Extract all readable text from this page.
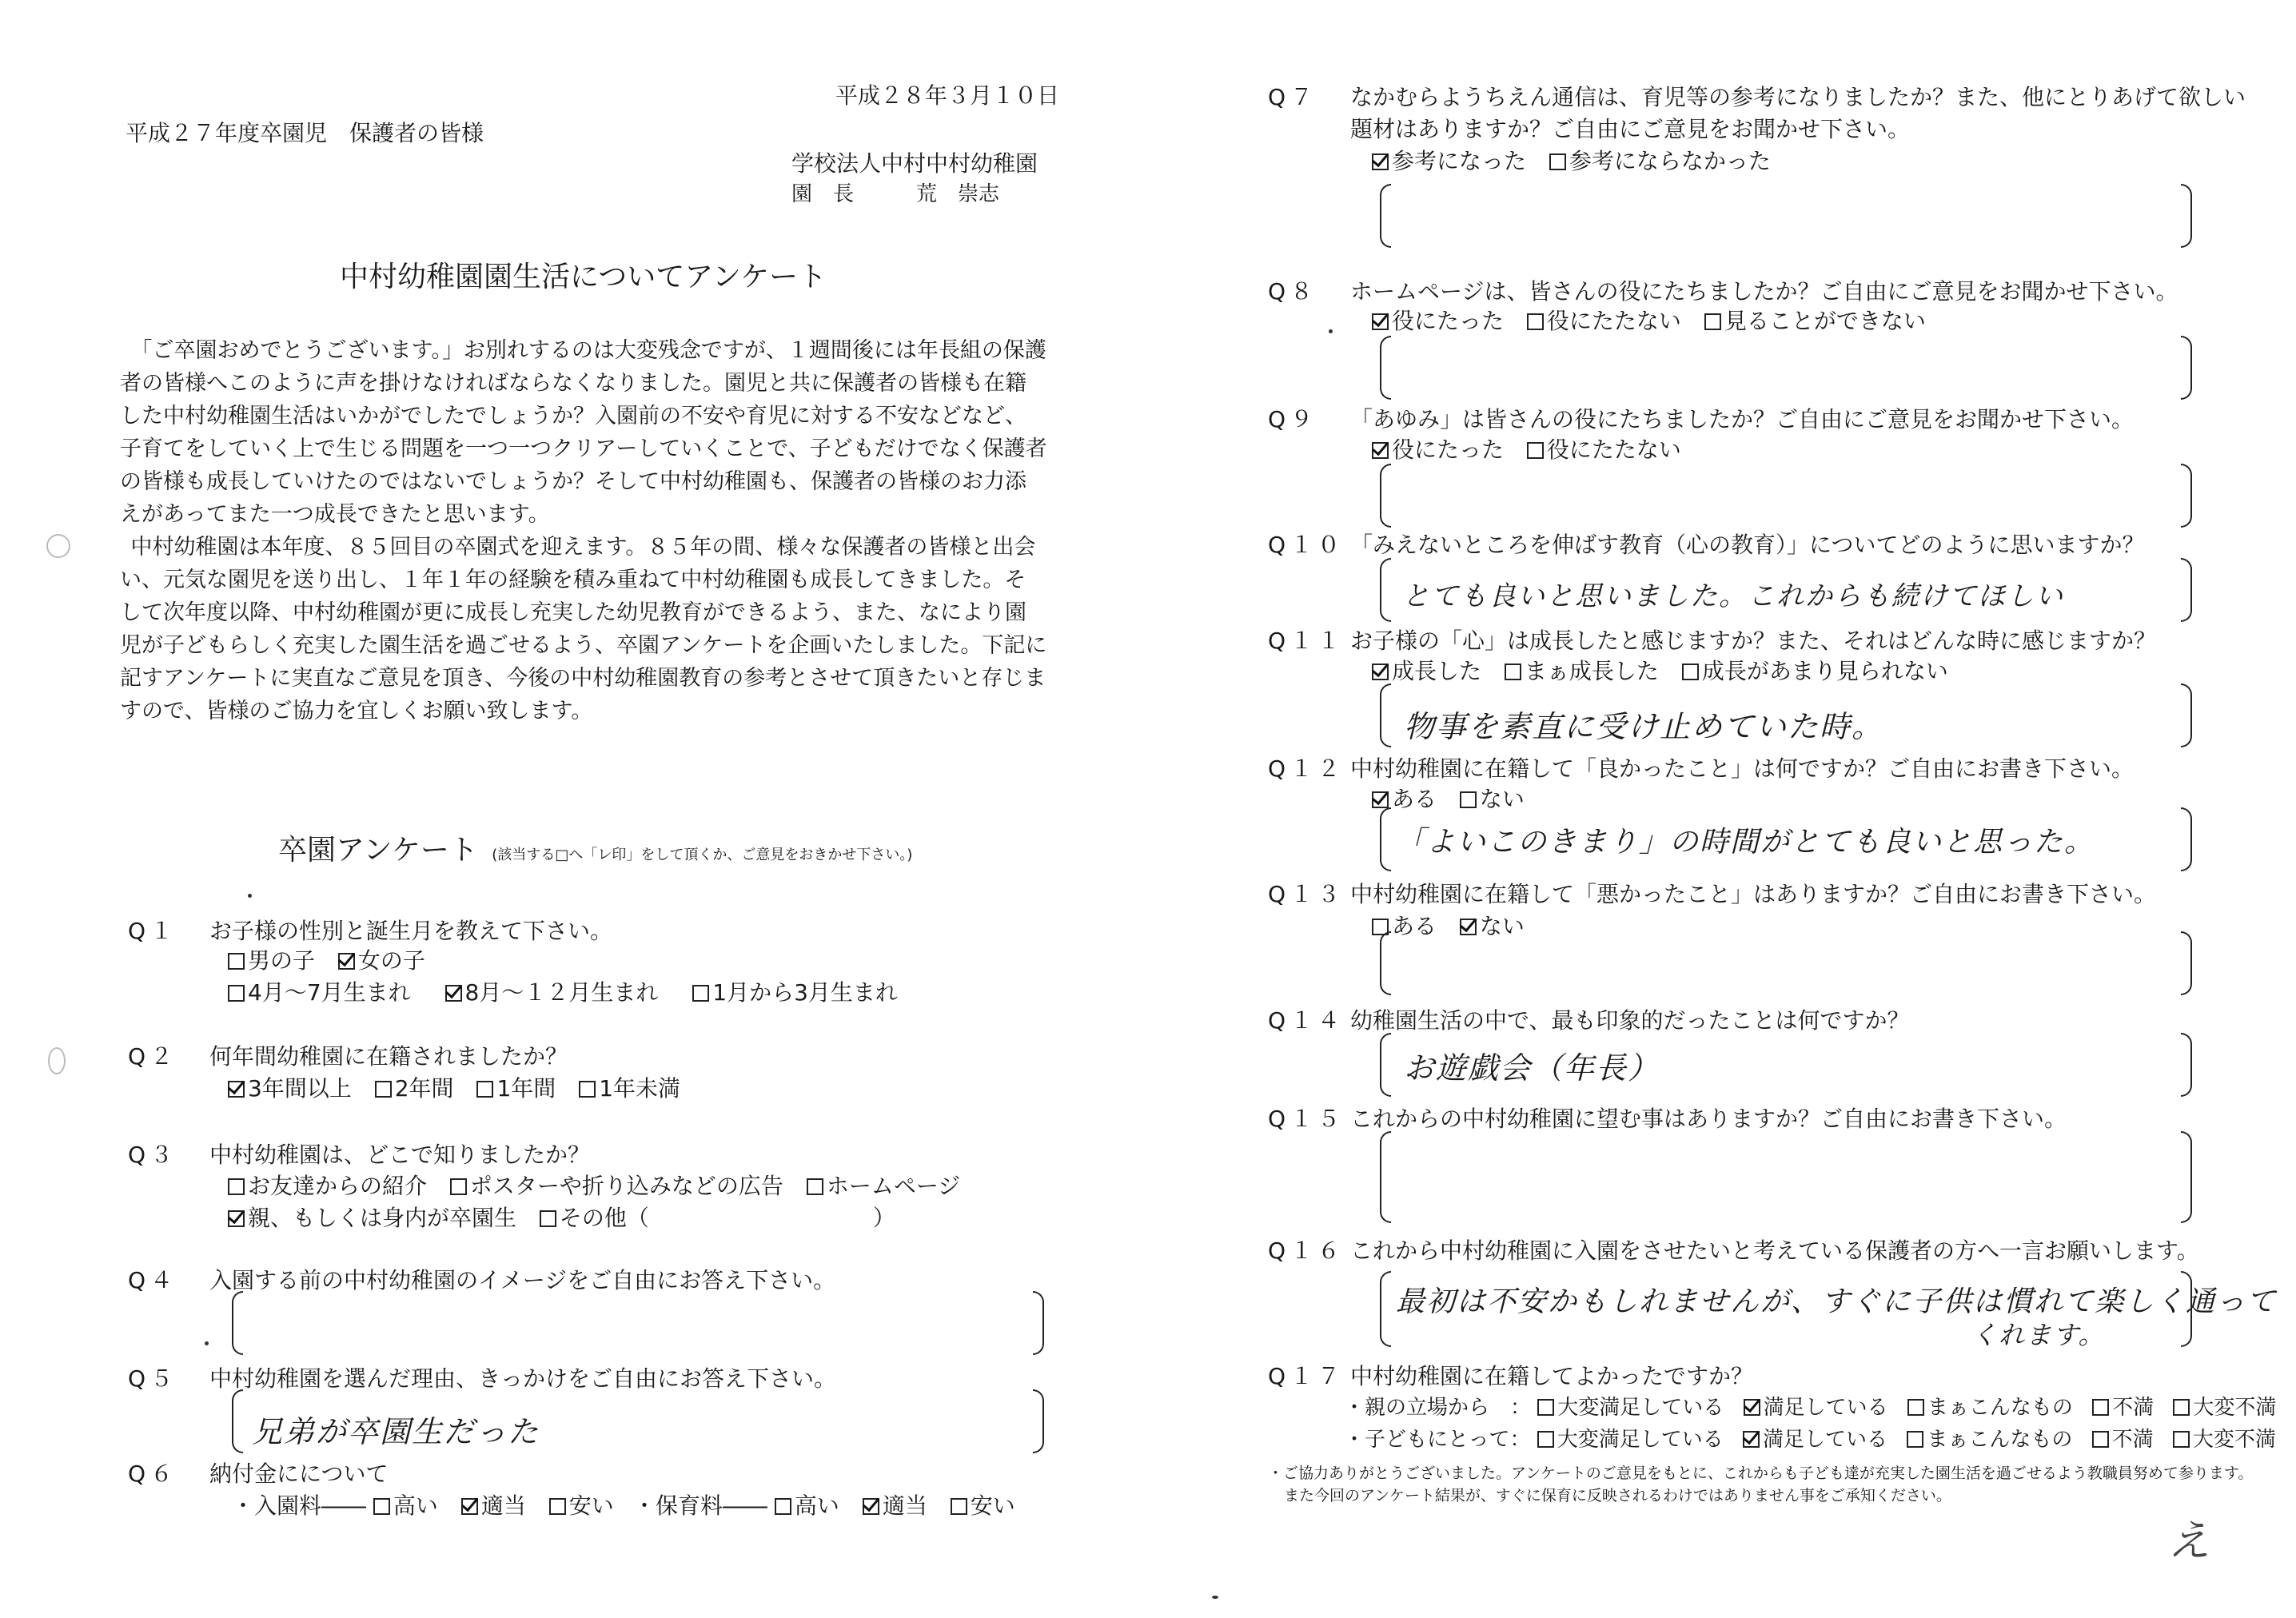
平成２８年３月１０日
平成２７年度卒園児　保護者の皆様
学校法人中村中村幼稚園
園　長　　　荒　崇志
中村幼稚園園生活についてアンケート

「ご卒園おめでとうございます。」お別れするのは大変残念ですが、１週間後には年長組の保護者の皆様へこのように声を掛けなければならなくなりました。園児と共に保護者の皆様も在籍した中村幼稚園生活はいかがでしたでしょうか？入園前の不安や育児に対する不安などなど、子育てをしていく上で生じる問題を一つ一つクリアーしていくことで、子どもだけでなく保護者の皆様も成長していけたのではないでしょうか？そして中村幼稚園も、保護者の皆様のお力添えがあってまた一つ成長できたと思います。

中村幼稚園は本年度、８５回目の卒園式を迎えます。８５年の間、様々な保護者の皆様と出会い、元気な園児を送り出し、１年１年の経験を積み重ねて中村幼稚園も成長してきました。そして次年度以降、中村幼稚園が更に成長し充実した幼児教育ができるよう、また、なにより園児が子どもらしく充実した園生活を過ごせるよう、卒園アンケートを企画いたしました。下記に記すアンケートに実直なご意見を頂き、今後の中村幼稚園教育の参考とさせて頂きたいと存じますので、皆様のご協力を宜しくお願い致します。

卒園アンケート (該当する□へ「レ印」をして頂くか、ご意見をおきかせ下さい。)
Q１ お子様の性別と誕生月を教えて下さい。
男の子 女の子
4月～7月生まれ 8月～１２月生まれ 1月から3月生まれ
Q２ 何年間幼稚園に在籍されましたか？
3年間以上 2年間 1年間 1年未満
Q３ 中村幼稚園は、どこで知りましたか？
お友達からの紹介 ポスターや折り込みなどの広告 ホームページ
親、もしくは身内が卒園生 その他（　　　　　　　　　　）
Q４ 入園する前の中村幼稚園のイメージをご自由にお答え下さい。
Q５ 中村幼稚園を選んだ理由、きっかけをご自由にお答え下さい。
兄弟が卒園生だった
Q６ 納付金にについて
・入園料―― 高い 適当 安い ・保育料―― 高い 適当 安い
Q７ なかむらようちえん通信は、育児等の参考になりましたか？また、他にとりあげて欲しい
題材はありますか？ご自由にご意見をお聞かせ下さい。
参考になった 参考にならなかった
Q８ ホームページは、皆さんの役にたちましたか？ご自由にご意見をお聞かせ下さい。
役にたった 役にたたない 見ることができない
Q９ 「あゆみ」は皆さんの役にたちましたか？ご自由にご意見をお聞かせ下さい。
役にたった 役にたたない
Q１０ 「みえないところを伸ばす教育（心の教育）」についてどのように思いますか？
とても良いと思いました。これからも続けてほしい
Q１１ お子様の「心」は成長したと感じますか？また、それはどんな時に感じますか？
成長した まぁ成長した 成長があまり見られない
物事を素直に受け止めていた時。
Q１２ 中村幼稚園に在籍して「良かったこと」は何ですか？ご自由にお書き下さい。
ある ない
「よいこのきまり」の時間がとても良いと思った。
Q１３ 中村幼稚園に在籍して「悪かったこと」はありますか？ご自由にお書き下さい。
ある ない
Q１４ 幼稚園生活の中で、最も印象的だったことは何ですか？
お遊戯会（年長）
Q１５ これからの中村幼稚園に望む事はありますか？ご自由にお書き下さい。
Q１６ これから中村幼稚園に入園をさせたいと考えている保護者の方へ一言お願いします。
最初は不安かもしれませんが、すぐに子供は慣れて楽しく通って
くれます。
Q１７ 中村幼稚園に在籍してよかったですか？
・親の立場から　： 大変満足している 満足している まぁこんなもの 不満 大変不満
・子どもにとって： 大変満足している 満足している まぁこんなもの 不満 大変不満
・ご協力ありがとうございました。アンケートのご意見をもとに、これからも子ども達が充実した園生活を過ごせるよう教職員努めて参ります。
また今回のアンケート結果が、すぐに保育に反映されるわけではありません事をご承知ください。
え
